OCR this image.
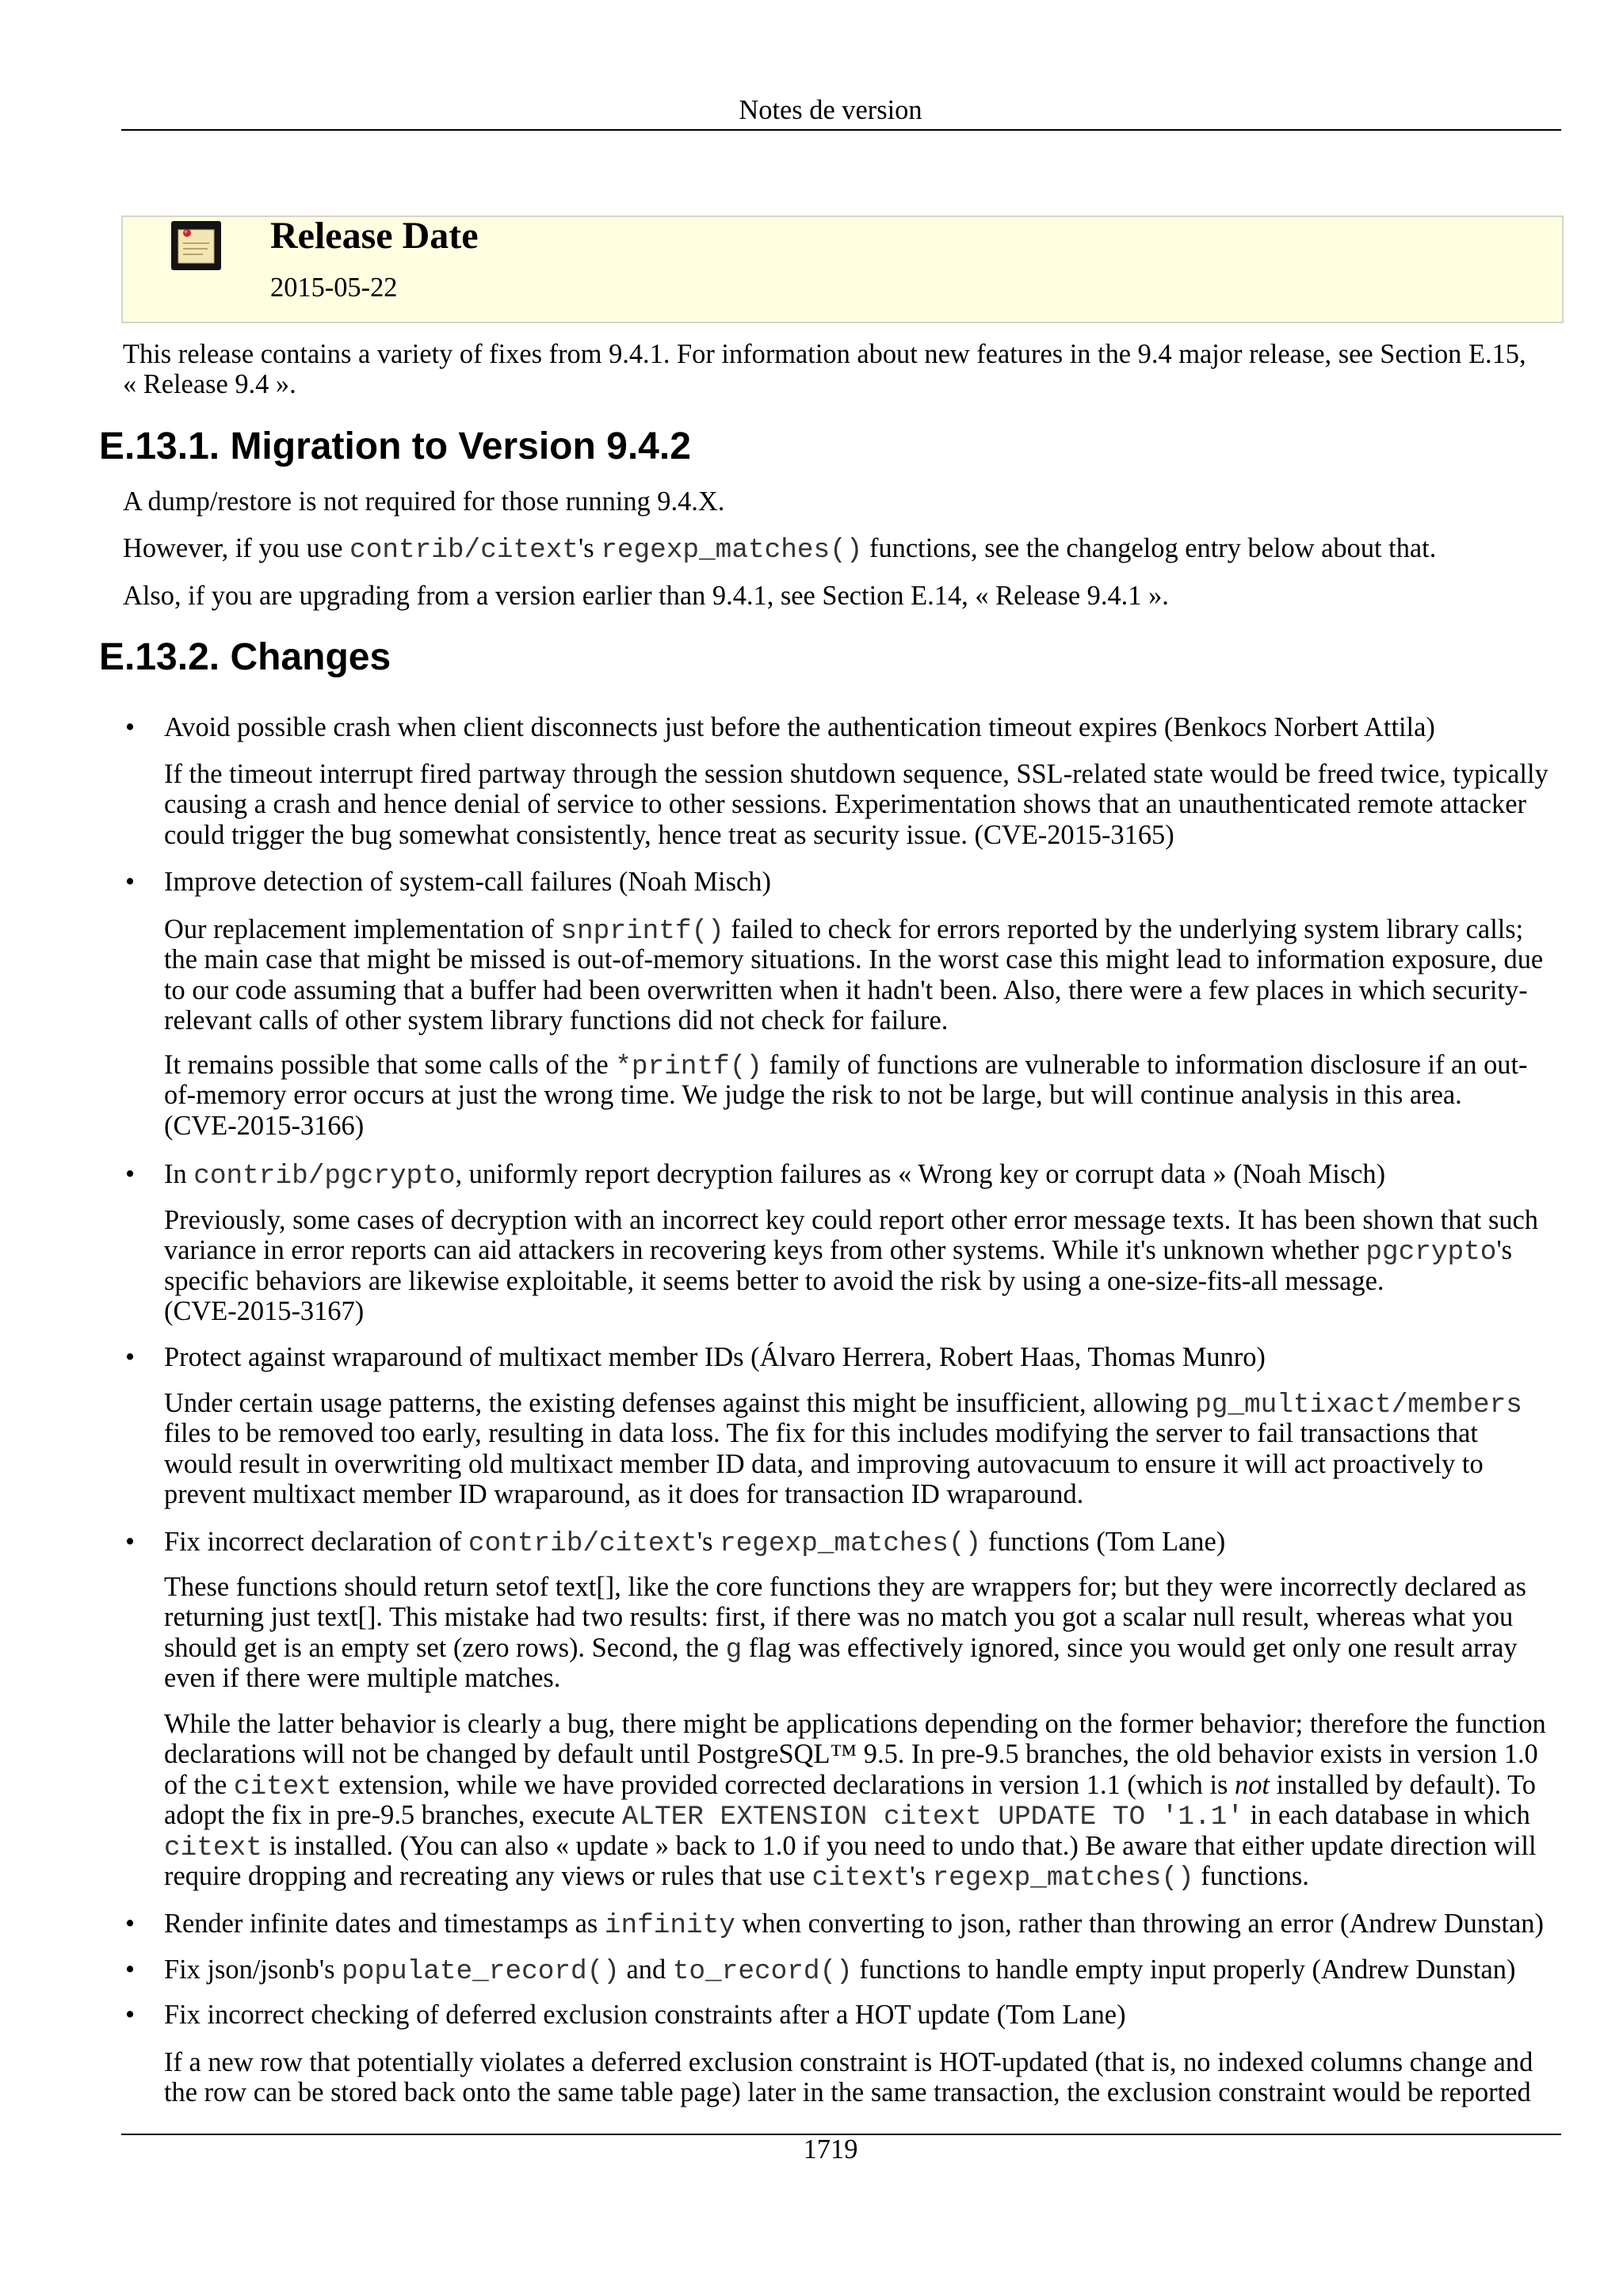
Notes de version
Release Date
2015-05-22

This release contains a variety of fixes from 9.4.1. For information about new features in the 9.4 major release, see Section E.15,
« Release 9.4 ».

E.13.1. Migration to Version 9.4.2

A dump/restore is not required for those running 9.4.X.

However, if you use contrib/citext's regexp_matches() functions, see the changelog entry below about that.

Also, if you are upgrading from a version earlier than 9.4.1, see Section E.14, « Release 9.4.1 ».

E.13.2. Changes

• Avoid possible crash when client disconnects just before the authentication timeout expires (Benkocs Norbert Attila)

If the timeout interrupt fired partway through the session shutdown sequence, SSL-related state would be freed twice, typically
causing a crash and hence denial of service to other sessions. Experimentation shows that an unauthenticated remote attacker
could trigger the bug somewhat consistently, hence treat as security issue. (CVE-2015-3165)

• Improve detection of system-call failures (Noah Misch)

Our replacement implementation of snprintf() failed to check for errors reported by the underlying system library calls;
the main case that might be missed is out-of-memory situations. In the worst case this might lead to information exposure, due
to our code assuming that a buffer had been overwritten when it hadn't been. Also, there were a few places in which security-
relevant calls of other system library functions did not check for failure.

It remains possible that some calls of the *printf() family of functions are vulnerable to information disclosure if an out-
of-memory error occurs at just the wrong time. We judge the risk to not be large, but will continue analysis in this area.
(CVE-2015-3166)

• In contrib/pgcrypto, uniformly report decryption failures as « Wrong key or corrupt data » (Noah Misch)

Previously, some cases of decryption with an incorrect key could report other error message texts. It has been shown that such
variance in error reports can aid attackers in recovering keys from other systems. While it's unknown whether pgcrypto's
specific behaviors are likewise exploitable, it seems better to avoid the risk by using a one-size-fits-all message.
(CVE-2015-3167)

• Protect against wraparound of multixact member IDs (Álvaro Herrera, Robert Haas, Thomas Munro)

Under certain usage patterns, the existing defenses against this might be insufficient, allowing pg_multixact/members
files to be removed too early, resulting in data loss. The fix for this includes modifying the server to fail transactions that
would result in overwriting old multixact member ID data, and improving autovacuum to ensure it will act proactively to
prevent multixact member ID wraparound, as it does for transaction ID wraparound.

• Fix incorrect declaration of contrib/citext's regexp_matches() functions (Tom Lane)

These functions should return setof text[], like the core functions they are wrappers for; but they were incorrectly declared as
returning just text[]. This mistake had two results: first, if there was no match you got a scalar null result, whereas what you
should get is an empty set (zero rows). Second, the g flag was effectively ignored, since you would get only one result array
even if there were multiple matches.

While the latter behavior is clearly a bug, there might be applications depending on the former behavior; therefore the function
declarations will not be changed by default until PostgreSQL™ 9.5. In pre-9.5 branches, the old behavior exists in version 1.0
of the citext extension, while we have provided corrected declarations in version 1.1 (which is not installed by default). To
adopt the fix in pre-9.5 branches, execute ALTER EXTENSION citext UPDATE TO '1.1' in each database in which
citext is installed. (You can also « update » back to 1.0 if you need to undo that.) Be aware that either update direction will
require dropping and recreating any views or rules that use citext's regexp_matches() functions.

• Render infinite dates and timestamps as infinity when converting to json, rather than throwing an error (Andrew Dunstan)

• Fix json/jsonb's populate_record() and to_record() functions to handle empty input properly (Andrew Dunstan)

• Fix incorrect checking of deferred exclusion constraints after a HOT update (Tom Lane)

If a new row that potentially violates a deferred exclusion constraint is HOT-updated (that is, no indexed columns change and
the row can be stored back onto the same table page) later in the same transaction, the exclusion constraint would be reported

1719
